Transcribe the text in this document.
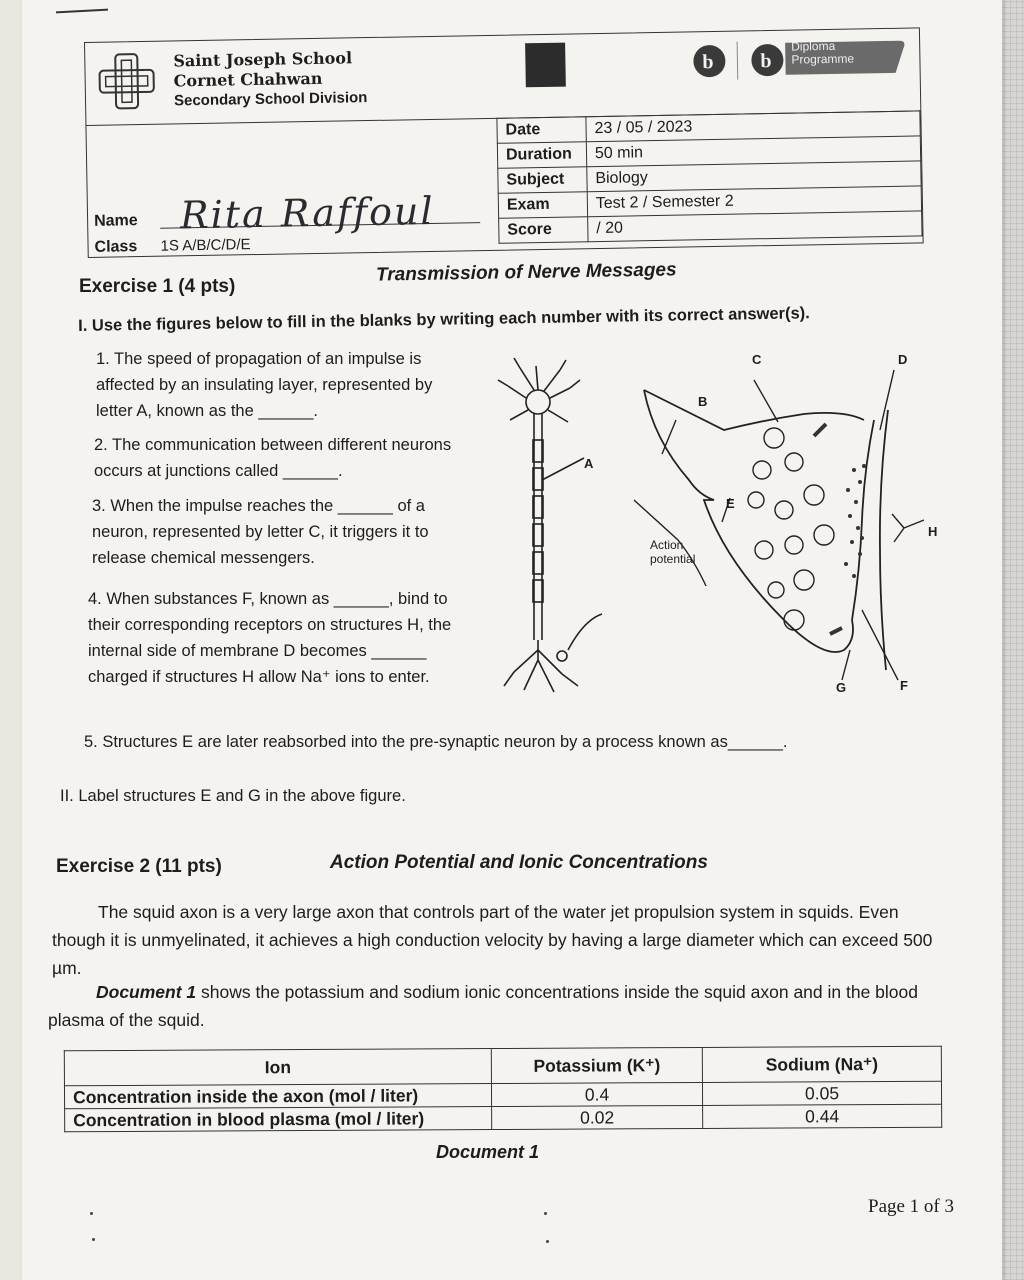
Saint Joseph School
Cornet Chahwan
Secondary School Division
b b
Diploma Programme
Date	23 / 05 / 2023
Duration	50 min
Subject	Biology
Exam	Test 2 / Semester 2
Score	/ 20
Name Rita Raffoul
Class 1S A/B/C/D/E
Exercise 1 (4 pts)
Transmission of Nerve Messages
I. Use the figures below to fill in the blanks by writing each number with its correct answer(s).
1. The speed of propagation of an impulse is affected by an insulating layer, represented by letter A, known as the ______.
2. The communication between different neurons occurs at junctions called ______.
3. When the impulse reaches the ______ of a neuron, represented by letter C, it triggers it to release chemical messengers.
4. When substances F, known as ______, bind to their corresponding receptors on structures H, the internal side of membrane D becomes ______ charged if structures H allow Na⁺ ions to enter.
5. Structures E are later reabsorbed into the pre-synaptic neuron by a process known as______.
II. Label structures E and G in the above figure.
A
B
C	D
E
F
G
H
Action potential
Exercise 2 (11 pts)	Action Potential and Ionic Concentrations
The squid axon is a very large axon that controls part of the water jet propulsion system in squids. Even though it is unmyelinated, it achieves a high conduction velocity by having a large diameter which can exceed 500 µm.
Document 1 shows the potassium and sodium ionic concentrations inside the squid axon and in the blood plasma of the squid.
Ion	Potassium (K⁺)	Sodium (Na⁺)
Concentration inside the axon (mol / liter)	0.4	0.05
Concentration in blood plasma (mol / liter)	0.02	0.44
Document 1
Page 1 of 3
